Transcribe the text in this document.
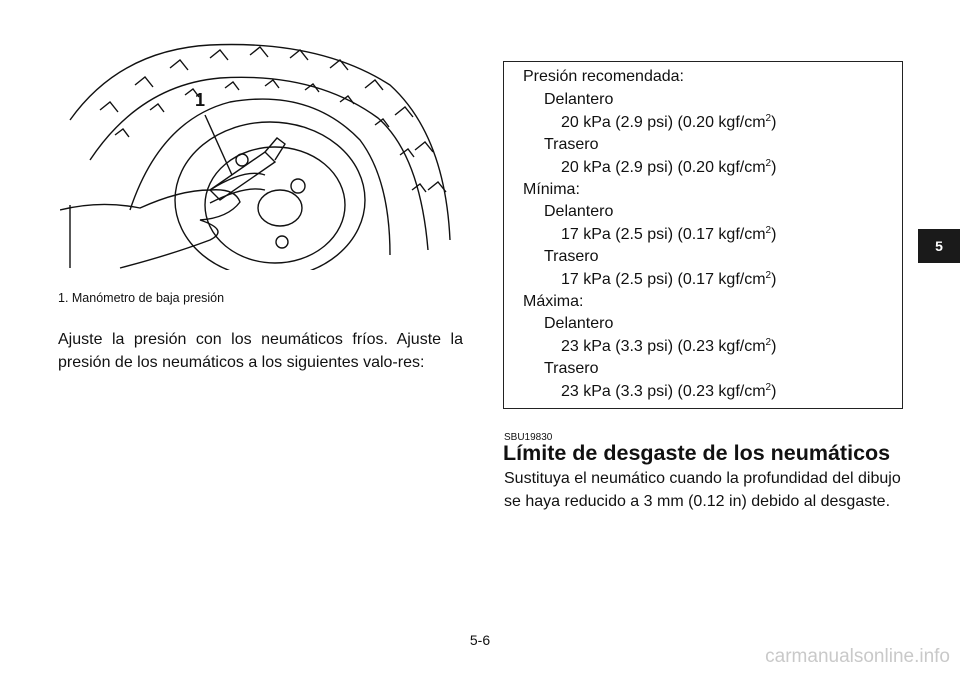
1
1. Manómetro de baja presión
Ajuste la presión con los neumáticos fríos. Ajuste la presión de los neumáticos a los siguientes valo-res:
Presión recomendada:
Delantero
20 kPa (2.9 psi) (0.20 kgf/$cm^2$)
Trasero
20 kPa (2.9 psi) (0.20 kgf/$cm^2$)
Mínima:
Delantero
17 kPa (2.5 psi) (0.17 kgf/$cm^2$)
Trasero
17 kPa (2.5 psi) (0.17 kgf/$cm^2$)
Máxima:
Delantero
23 kPa (3.3 psi) (0.23 kgf/$cm^2$)
Trasero
23 kPa (3.3 psi) (0.23 kgf/$cm^2$)
SBU19830
Límite de desgaste de los neumáticos
Sustituya el neumático cuando la profundidad del dibujo se haya reducido a 3 mm (0.12 in) debido al desgaste.
5
5-6
carmanualsonline.info
